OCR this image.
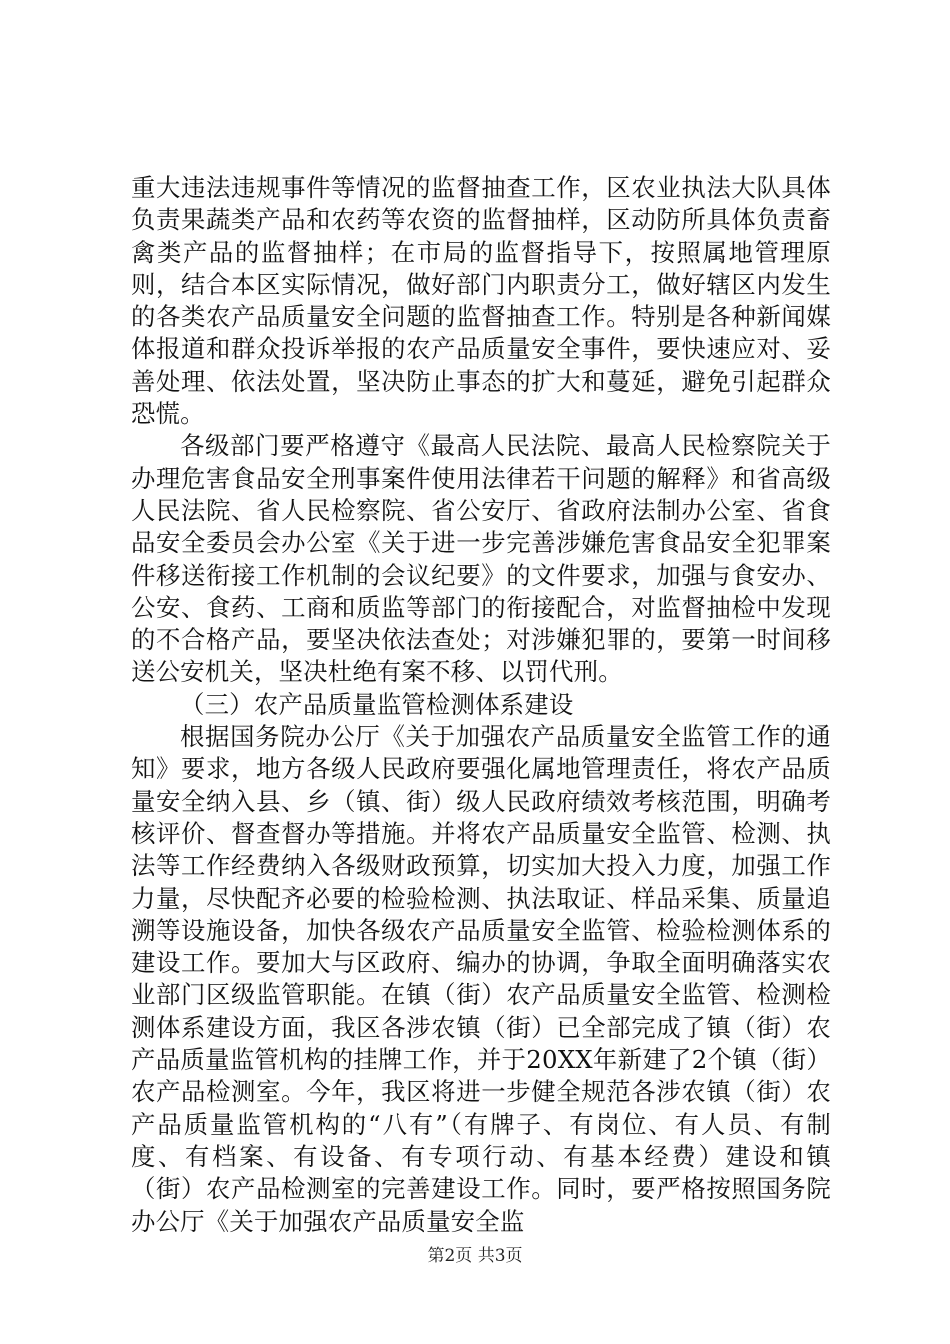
重大违法违规事件等情况的监督抽查工作，区农业执法大队具体负责果蔬类产品和农药等农资的监督抽样，区动防所具体负责畜禽类产品的监督抽样；在市局的监督指导下，按照属地管理原则，结合本区实际情况，做好部门内职责分工，做好辖区内发生的各类农产品质量安全问题的监督抽查工作。特别是各种新闻媒体报道和群众投诉举报的农产品质量安全事件，要快速应对、妥善处理、依法处置，坚决防止事态的扩大和蔓延，避免引起群众恐慌。

各级部门要严格遵守《最高人民法院、最高人民检察院关于办理危害食品安全刑事案件使用法律若干问题的解释》和省高级人民法院、省人民检察院、省公安厅、省政府法制办公室、省食品安全委员会办公室《关于进一步完善涉嫌危害食品安全犯罪案件移送衔接工作机制的会议纪要》的文件要求，加强与食安办、公安、食药、工商和质监等部门的衔接配合，对监督抽检中发现的不合格产品，要坚决依法查处；对涉嫌犯罪的，要第一时间移送公安机关，坚决杜绝有案不移、以罚代刑。

（三）农产品质量监管检测体系建设

根据国务院办公厅《关于加强农产品质量安全监管工作的通知》要求，地方各级人民政府要强化属地管理责任，将农产品质量安全纳入县、乡（镇、街）级人民政府绩效考核范围，明确考核评价、督查督办等措施。并将农产品质量安全监管、检测、执法等工作经费纳入各级财政预算，切实加大投入力度，加强工作力量，尽快配齐必要的检验检测、执法取证、样品采集、质量追溯等设施设备，加快各级农产品质量安全监管、检验检测体系的建设工作。要加大与区政府、编办的协调，争取全面明确落实农业部门区级监管职能。在镇（街）农产品质量安全监管、检测检测体系建设方面，我区各涉农镇（街）已全部完成了镇（街）农产品质量监管机构的挂牌工作，并于20XX年新建了2个镇（街）农产品检测室。今年，我区将进一步健全规范各涉农镇（街）农产品质量监管机构的“八有”（有牌子、有岗位、有人员、有制度、有档案、有设备、有专项行动、有基本经费）建设和镇（街）农产品检测室的完善建设工作。同时，要严格按照国务院办公厅《关于加强农产品质量安全监

第2页 共3页
